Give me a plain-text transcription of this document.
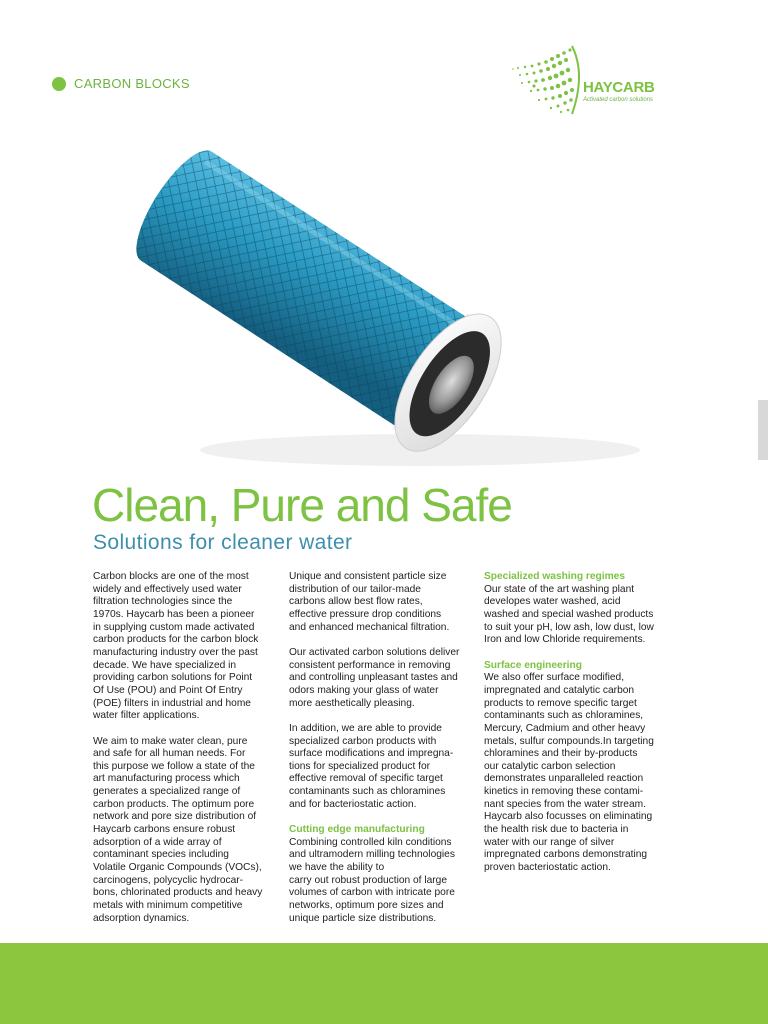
CARBON BLOCKS	HAYCARB
Activated carbon solutions
Clean, Pure and Safe
Solutions for cleaner water

Carbon blocks are one of the most
widely and effectively used water
filtration technologies since the
1970s. Haycarb has been a pioneer
in supplying custom made activated
carbon products for the carbon block
manufacturing industry over the past
decade. We have specialized in
providing carbon solutions for Point
Of Use (POU) and Point Of Entry
(POE) filters in industrial and home
water filter applications.

We aim to make water clean, pure
and safe for all human needs. For
this purpose we follow a state of the
art manufacturing process which
generates a specialized range of
carbon products. The optimum pore
network and pore size distribution of
Haycarb carbons ensure robust
adsorption of a wide array of
contaminant species including
Volatile Organic Compounds (VOCs),
carcinogens, polycyclic hydrocar-
bons, chlorinated products and heavy
metals with minimum competitive
adsorption dynamics.

Unique and consistent particle size
distribution of our tailor-made
carbons allow best flow rates,
effective pressure drop conditions
and enhanced mechanical filtration.

Our activated carbon solutions deliver
consistent performance in removing
and controlling unpleasant tastes and
odors making your glass of water
more aesthetically pleasing.

In addition, we are able to provide
specialized carbon products with
surface modifications and impregna-
tions for specialized product for
effective removal of specific target
contaminants such as chloramines
and for bacteriostatic action.

Cutting edge manufacturing

Combining controlled kiln conditions
and ultramodern milling technologies
we have the ability to
carry out robust production of large
volumes of carbon with intricate pore
networks, optimum pore sizes and
unique particle size distributions.

Specialized washing regimes

Our state of the art washing plant
developes water washed, acid
washed and special washed products
to suit your pH, low ash, low dust, low
Iron and low Chloride requirements.

Surface engineering

We also offer surface modified,
impregnated and catalytic carbon
products to remove specific target
contaminants such as chloramines,
Mercury, Cadmium and other heavy
metals, sulfur compounds.In targeting
chloramines and their by-products
our catalytic carbon selection
demonstrates unparalleled reaction
kinetics in removing these contami-
nant species from the water stream.
Haycarb also focusses on eliminating
the health risk due to bacteria in
water with our range of silver
impregnated carbons demonstrating
proven bacteriostatic action.
